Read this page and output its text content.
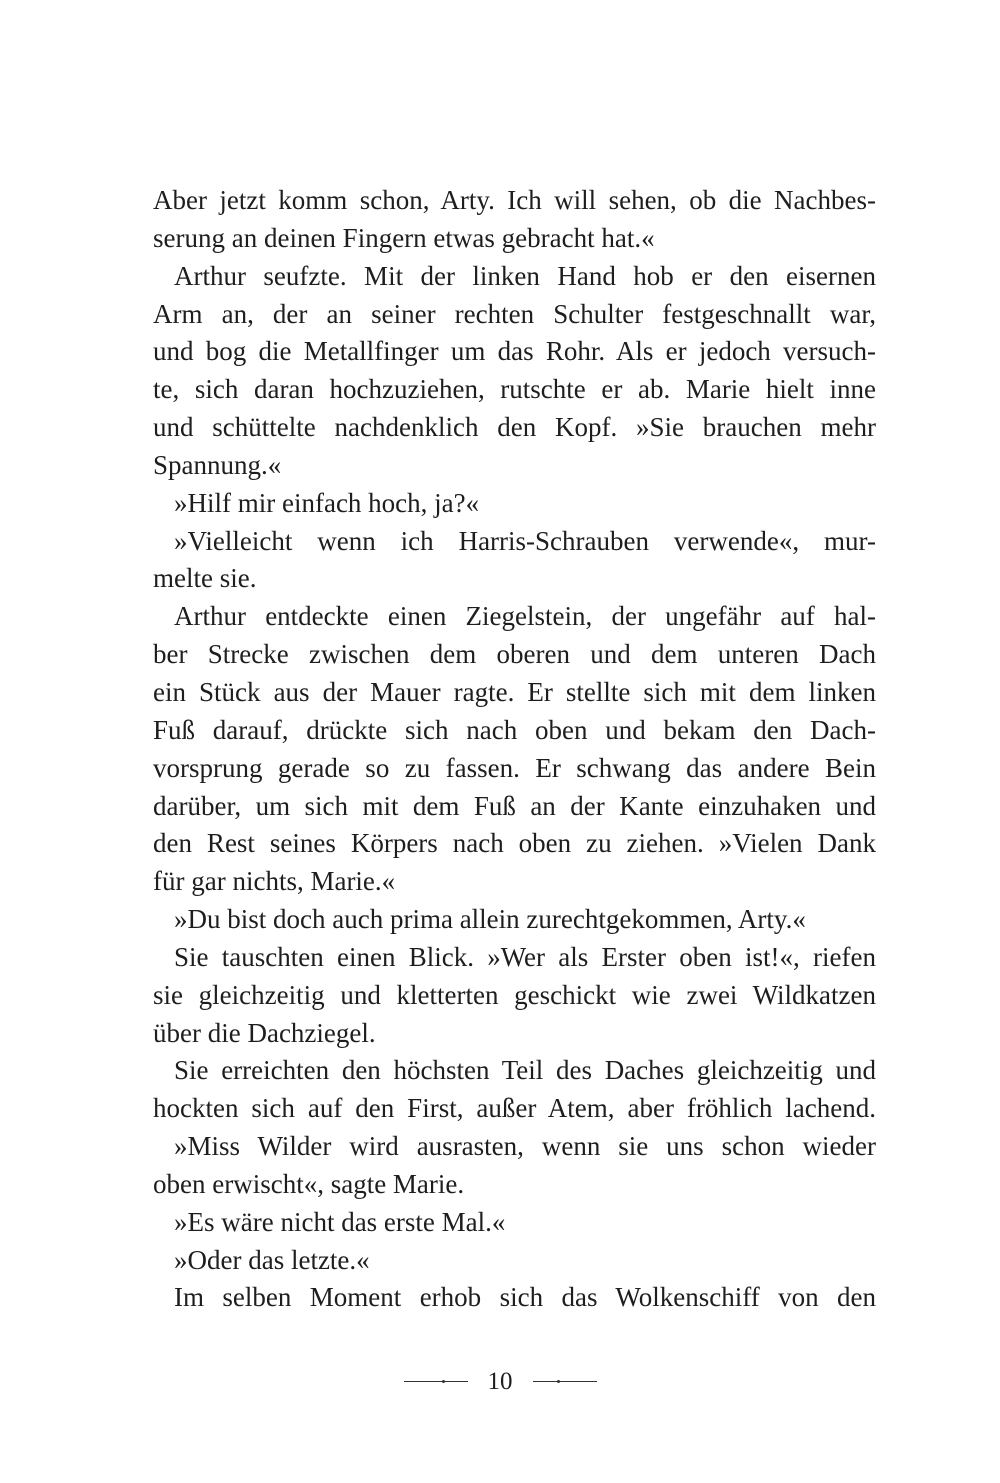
Aber jetzt komm schon, Arty. Ich will sehen, ob die Nachbes-
serung an deinen Fingern etwas gebracht hat.«
Arthur seufzte. Mit der linken Hand hob er den eisernen
Arm an, der an seiner rechten Schulter festgeschnallt war,
und bog die Metallfinger um das Rohr. Als er jedoch versuch-
te, sich daran hochzuziehen, rutschte er ab. Marie hielt inne
und schüttelte nachdenklich den Kopf. »Sie brauchen mehr
Spannung.«
»Hilf mir einfach hoch, ja?«
»Vielleicht wenn ich Harris-Schrauben verwende«, mur-
melte sie.
Arthur entdeckte einen Ziegelstein, der ungefähr auf hal-
ber Strecke zwischen dem oberen und dem unteren Dach
ein Stück aus der Mauer ragte. Er stellte sich mit dem linken
Fuß darauf, drückte sich nach oben und bekam den Dach-
vorsprung gerade so zu fassen. Er schwang das andere Bein
darüber, um sich mit dem Fuß an der Kante einzuhaken und
den Rest seines Körpers nach oben zu ziehen. »Vielen Dank
für gar nichts, Marie.«
»Du bist doch auch prima allein zurechtgekommen, Arty.«
Sie tauschten einen Blick. »Wer als Erster oben ist!«, riefen
sie gleichzeitig und kletterten geschickt wie zwei Wildkatzen
über die Dachziegel.
Sie erreichten den höchsten Teil des Daches gleichzeitig und
hockten sich auf den First, außer Atem, aber fröhlich lachend.
»Miss Wilder wird ausrasten, wenn sie uns schon wieder
oben erwischt«, sagte Marie.
»Es wäre nicht das erste Mal.«
»Oder das letzte.«
Im selben Moment erhob sich das Wolkenschiff von den
10
